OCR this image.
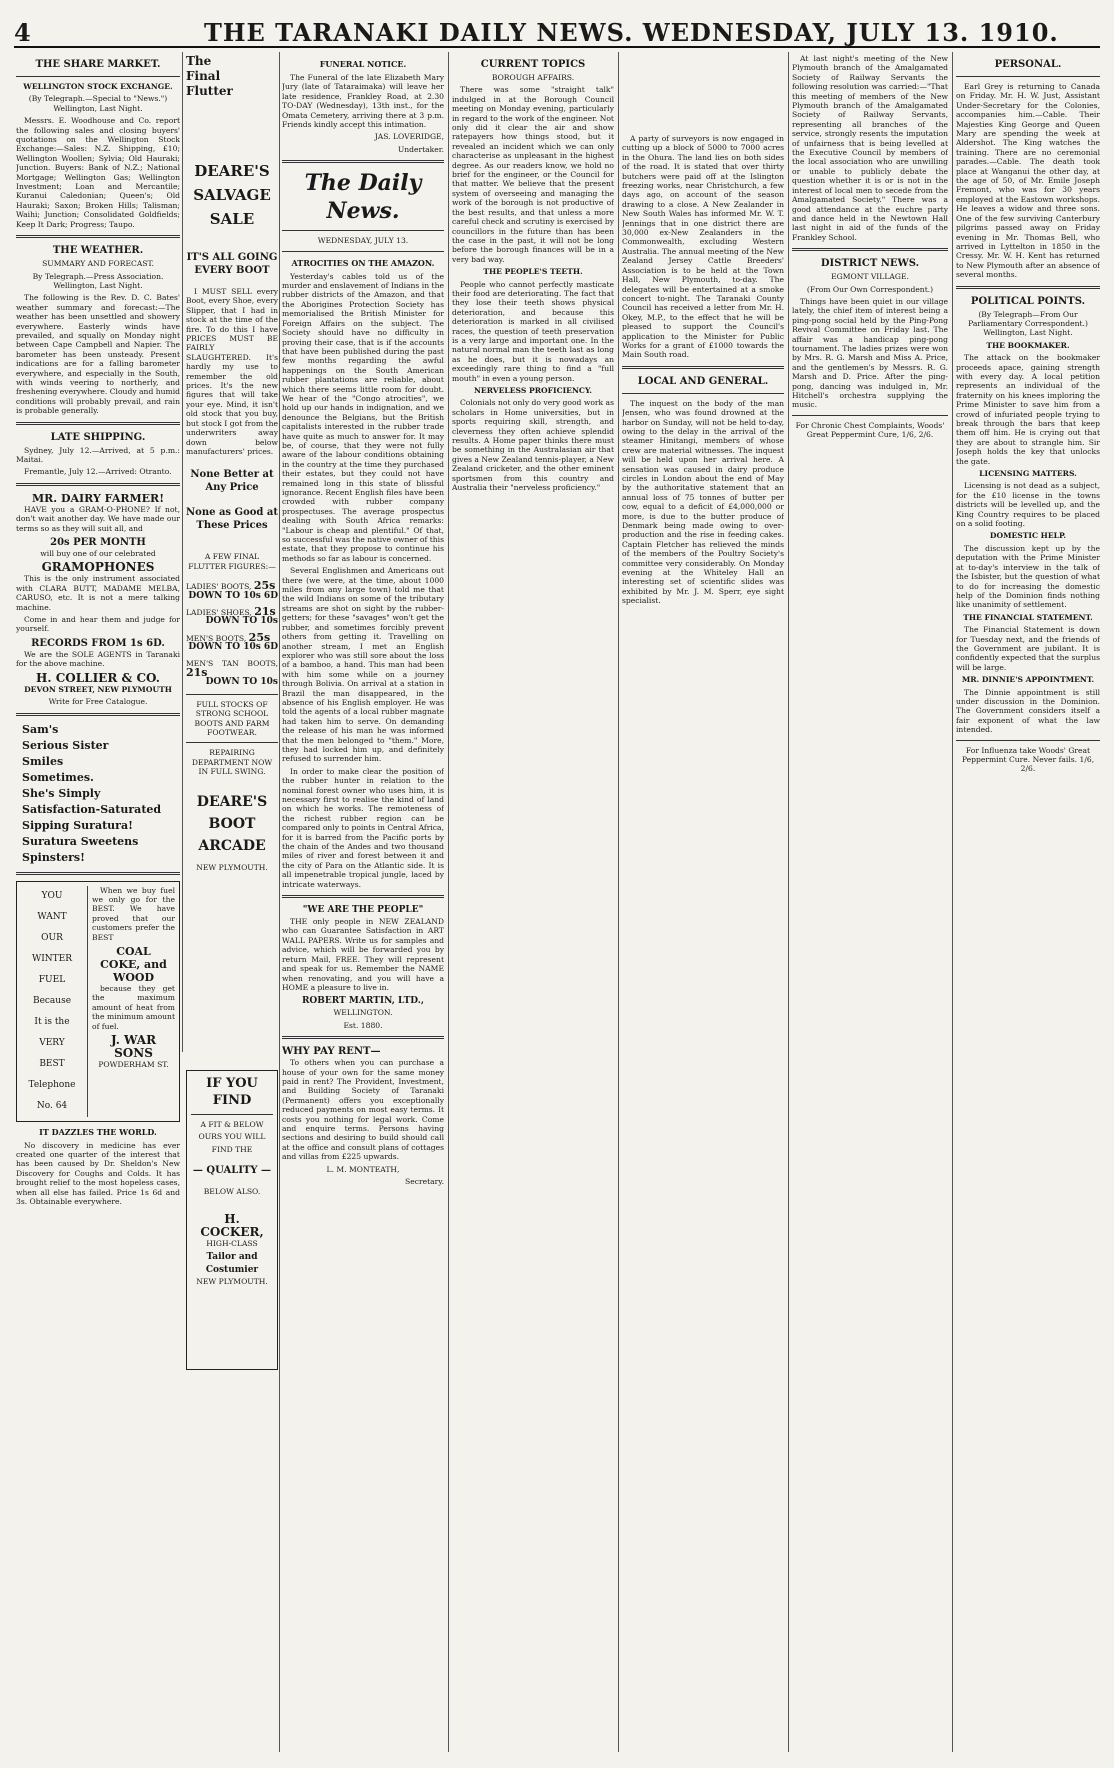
4	THE TARANAKI DAILY NEWS. WEDNESDAY, JULY 13. 1910.
THE SHARE MARKET.
WELLINGTON STOCK EXCHANGE.

(By Telegraph.—Special to "News.") Wellington, Last Night.

Messrs. E. Woodhouse and Co. report the following sales and closing buyers' quotations on the Wellington Stock Exchange:—Sales: N.Z. Shipping, £10; Wellington Woollen; Sylvia; Old Hauraki; Junction. Buyers: Bank of N.Z.; National Mortgage; Wellington Gas; Wellington Investment; Loan and Mercantile; Kuranui Caledonian; Queen's; Old Hauraki; Saxon; Broken Hills; Talisman; Waihi; Junction; Consolidated Goldfields; Keep It Dark; Progress; Taupo.

THE WEATHER.
SUMMARY AND FORECAST.

By Telegraph.—Press Association. Wellington, Last Night.

The following is the Rev. D. C. Bates' weather summary and forecast:—The weather has been unsettled and showery everywhere. Easterly winds have prevailed, and squally on Monday night between Cape Campbell and Napier. The barometer has been unsteady. Present indications are for a falling barometer everywhere, and especially in the South, with winds veering to northerly, and freshening everywhere. Cloudy and humid conditions will probably prevail, and rain is probable generally.

LATE SHIPPING.

Sydney, July 12.—Arrived, at 5 p.m.: Maitai.

Fremantle, July 12.—Arrived: Otranto.

MR. DAIRY FARMER!

HAVE you a GRAM-O-PHONE? If not, don't wait another day. We have made our terms so as they will suit all, and

20s PER MONTH

will buy one of our celebrated

GRAMOPHONES

This is the only instrument associated with CLARA BUTT, MADAME MELBA, CARUSO, etc. It is not a mere talking machine.

Come in and hear them and judge for yourself.

RECORDS FROM 1s 6D.

We are the SOLE AGENTS in Taranaki for the above machine.

H. COLLIER & CO.

DEVON STREET, NEW PLYMOUTH

Write for Free Catalogue.

Sam's
Serious Sister
Smiles
Sometimes.
She's Simply
Satisfaction-Saturated
Sipping Suratura!
Suratura Sweetens
Spinsters!
YOU
WANT
OUR
WINTER
FUEL
Because
It is the
VERY
BEST
Telephone
No. 64

When we buy fuel we only go for the BEST. We have proved that our customers prefer the BEST

COAL
COKE, and
WOOD

because they get the maximum amount of heat from the minimum amount of fuel.

J. WAR SONS

POWDERHAM ST.

IT DAZZLES THE WORLD.

No discovery in medicine has ever created one quarter of the interest that has been caused by Dr. Sheldon's New Discovery for Coughs and Colds. It has brought relief to the most hopeless cases, when all else has failed. Price 1s 6d and 3s. Obtainable everywhere.

The
Final
Flutter
DEARE'S SALVAGE SALE
IT'S ALL GOING EVERY BOOT

I MUST SELL every Boot, every Shoe, every Slipper, that I had in stock at the time of the fire. To do this I have PRICES MUST BE FAIRLY SLAUGHTERED. It's hardly my use to remember the old prices. It's the new figures that will take your eye. Mind, it isn't old stock that you buy, but stock I got from the underwriters away down below manufacturers' prices.

None Better at Any Price
None as Good at These Prices

A FEW FINAL FLUTTER FIGURES:—

LADIES' BOOTS, 25s
DOWN TO 10s 6D
LADIES' SHOES, 21s
DOWN TO 10s
MEN'S BOOTS, 25s
DOWN TO 10s 6D
MEN'S TAN BOOTS, 21s
DOWN TO 10s

FULL STOCKS OF STRONG SCHOOL BOOTS AND FARM FOOTWEAR.

REPAIRING DEPARTMENT NOW IN FULL SWING.

DEARE'S BOOT ARCADE

NEW PLYMOUTH.

IF YOU FIND

A FIT & BELOW

OURS YOU WILL

FIND THE

— QUALITY —

BELOW ALSO.

H. COCKER,

HIGH-CLASS

Tailor and Costumier

NEW PLYMOUTH.

FUNERAL NOTICE.

The Funeral of the late Elizabeth Mary Jury (late of Tataraimaka) will leave her late residence, Frankley Road, at 2.30 TO-DAY (Wednesday), 13th inst., for the Omata Cemetery, arriving there at 3 p.m. Friends kindly accept this intimation.

JAS. LOVERIDGE,

Undertaker.

The Daily News.

WEDNESDAY, JULY 13.

ATROCITIES ON THE AMAZON.

Yesterday's cables told us of the murder and enslavement of Indians in the rubber districts of the Amazon, and that the Aborigines Protection Society has memorialised the British Minister for Foreign Affairs on the subject. The Society should have no difficulty in proving their case, that is if the accounts that have been published during the past few months regarding the awful happenings on the South American rubber plantations are reliable, about which there seems little room for doubt. We hear of the "Congo atrocities", we hold up our hands in indignation, and we denounce the Belgians, but the British capitalists interested in the rubber trade have quite as much to answer for. It may be, of course, that they were not fully aware of the labour conditions obtaining in the country at the time they purchased their estates, but they could not have remained long in this state of blissful ignorance. Recent English files have been crowded with rubber company prospectuses. The average prospectus dealing with South Africa remarks: "Labour is cheap and plentiful." Of that, so successful was the native owner of this estate, that they propose to continue his methods so far as labour is concerned.

Several Englishmen and Americans out there (we were, at the time, about 1000 miles from any large town) told me that the wild Indians on some of the tributary streams are shot on sight by the rubber-getters; for these "savages" won't get the rubber, and sometimes forcibly prevent others from getting it. Travelling on another stream, I met an English explorer who was still sore about the loss of a bamboo, a hand. This man had been with him some while on a journey through Bolivia. On arrival at a station in Brazil the man disappeared, in the absence of his English employer. He was told the agents of a local rubber magnate had taken him to serve. On demanding the release of his man he was informed that the men belonged to "them." More, they had locked him up, and definitely refused to surrender him.

In order to make clear the position of the rubber hunter in relation to the nominal forest owner who uses him, it is necessary first to realise the kind of land on which he works. The remoteness of the richest rubber region can be compared only to points in Central Africa, for it is barred from the Pacific ports by the chain of the Andes and two thousand miles of river and forest between it and the city of Para on the Atlantic side. It is all impenetrable tropical jungle, laced by intricate waterways.

"WE ARE THE PEOPLE"

THE only people in NEW ZEALAND who can Guarantee Satisfaction in ART WALL PAPERS. Write us for samples and advice, which will be forwarded you by return Mail, FREE. They will represent and speak for us. Remember the NAME when renovating, and you will have a HOME a pleasure to live in.

ROBERT MARTIN, LTD.,

WELLINGTON.

Est. 1880.

WHY PAY RENT—

To others when you can purchase a house of your own for the same money paid in rent? The Provident, Investment, and Building Society of Taranaki (Permanent) offers you exceptionally reduced payments on most easy terms. It costs you nothing for legal work. Come and enquire terms. Persons having sections and desiring to build should call at the office and consult plans of cottages and villas from £225 upwards.

L. M. MONTEATH,

Secretary.

CURRENT TOPICS
BOROUGH AFFAIRS.

There was some "straight talk" indulged in at the Borough Council meeting on Monday evening, particularly in regard to the work of the engineer. Not only did it clear the air and show ratepayers how things stood, but it revealed an incident which we can only characterise as unpleasant in the highest degree. As our readers know, we hold no brief for the engineer, or the Council for that matter. We believe that the present system of overseeing and managing the work of the borough is not productive of the best results, and that unless a more careful check and scrutiny is exercised by councillors in the future than has been the case in the past, it will not be long before the borough finances will be in a very bad way.

THE PEOPLE'S TEETH.

People who cannot perfectly masticate their food are deteriorating. The fact that they lose their teeth shows physical deterioration, and because this deterioration is marked in all civilised races, the question of teeth preservation is a very large and important one. In the natural normal man the teeth last as long as he does, but it is nowadays an exceedingly rare thing to find a "full mouth" in even a young person.

NERVELESS PROFICIENCY.

Colonials not only do very good work as scholars in Home universities, but in sports requiring skill, strength, and cleverness they often achieve splendid results. A Home paper thinks there must be something in the Australasian air that gives a New Zealand tennis-player, a New Zealand cricketer, and the other eminent sportsmen from this country and Australia their "nerveless proficiency."

A party of surveyors is now engaged in cutting up a block of 5000 to 7000 acres in the Ohura. The land lies on both sides of the road. It is stated that over thirty butchers were paid off at the Islington freezing works, near Christchurch, a few days ago, on account of the season drawing to a close. A New Zealander in New South Wales has informed Mr. W. T. Jennings that in one district there are 30,000 ex-New Zealanders in the Commonwealth, excluding Western Australia. The annual meeting of the New Zealand Jersey Cattle Breeders' Association is to be held at the Town Hall, New Plymouth, to-day. The delegates will be entertained at a smoke concert to-night. The Taranaki County Council has received a letter from Mr. H. Okey, M.P., to the effect that he will be pleased to support the Council's application to the Minister for Public Works for a grant of £1000 towards the Main South road.

LOCAL AND GENERAL.

The inquest on the body of the man Jensen, who was found drowned at the harbor on Sunday, will not be held to-day, owing to the delay in the arrival of the steamer Hinitangi, members of whose crew are material witnesses. The inquest will be held upon her arrival here. A sensation was caused in dairy produce circles in London about the end of May by the authoritative statement that an annual loss of 75 tonnes of butter per cow, equal to a deficit of £4,000,000 or more, is due to the butter produce of Denmark being made owing to over-production and the rise in feeding cakes. Captain Fletcher has relieved the minds of the members of the Poultry Society's committee very considerably. On Monday evening at the Whiteley Hall an interesting set of scientific slides was exhibited by Mr. J. M. Sperr, eye sight specialist.

At last night's meeting of the New Plymouth branch of the Amalgamated Society of Railway Servants the following resolution was carried:—"That this meeting of members of the New Plymouth branch of the Amalgamated Society of Railway Servants, representing all branches of the service, strongly resents the imputation of unfairness that is being levelled at the Executive Council by members of the local association who are unwilling or unable to publicly debate the question whether it is or is not in the interest of local men to secede from the Amalgamated Society." There was a good attendance at the euchre party and dance held in the Newtown Hall last night in aid of the funds of the Frankley School.

DISTRICT NEWS.
EGMONT VILLAGE.

(From Our Own Correspondent.)

Things have been quiet in our village lately, the chief item of interest being a ping-pong social held by the Ping-Pong Revival Committee on Friday last. The affair was a handicap ping-pong tournament. The ladies prizes were won by Mrs. R. G. Marsh and Miss A. Price, and the gentlemen's by Messrs. R. G. Marsh and D. Price. After the ping-pong, dancing was indulged in, Mr. Hitchell's orchestra supplying the music.

For Chronic Chest Complaints, Woods' Great Peppermint Cure, 1/6, 2/6.

PERSONAL.

Earl Grey is returning to Canada on Friday. Mr. H. W. Just, Assistant Under-Secretary for the Colonies, accompanies him.—Cable. Their Majesties King George and Queen Mary are spending the week at Aldershot. The King watches the training. There are no ceremonial parades.—Cable. The death took place at Wanganui the other day, at the age of 50, of Mr. Emile Joseph Fremont, who was for 30 years employed at the Eastown workshops. He leaves a widow and three sons. One of the few surviving Canterbury pilgrims passed away on Friday evening in Mr. Thomas Bell, who arrived in Lyttelton in 1850 in the Cressy. Mr. W. H. Kent has returned to New Plymouth after an absence of several months.

POLITICAL POINTS.

(By Telegraph—From Our Parliamentary Correspondent.) Wellington, Last Night.

THE BOOKMAKER.

The attack on the bookmaker proceeds apace, gaining strength with every day. A local petition represents an individual of the fraternity on his knees imploring the Prime Minister to save him from a crowd of infuriated people trying to break through the bars that keep them off him. He is crying out that they are about to strangle him. Sir Joseph holds the key that unlocks the gate.

LICENSING MATTERS.

Licensing is not dead as a subject, for the £10 license in the towns districts will be levelled up, and the King Country requires to be placed on a solid footing.

DOMESTIC HELP.

The discussion kept up by the deputation with the Prime Minister at to-day's interview in the talk of the Isbister, but the question of what to do for increasing the domestic help of the Dominion finds nothing like unanimity of settlement.

THE FINANCIAL STATEMENT.

The Financial Statement is down for Tuesday next, and the friends of the Government are jubilant. It is confidently expected that the surplus will be large.

MR. DINNIE'S APPOINTMENT.

The Dinnie appointment is still under discussion in the Dominion. The Government considers itself a fair exponent of what the law intended.

For Influenza take Woods' Great Peppermint Cure. Never fails. 1/6, 2/6.
